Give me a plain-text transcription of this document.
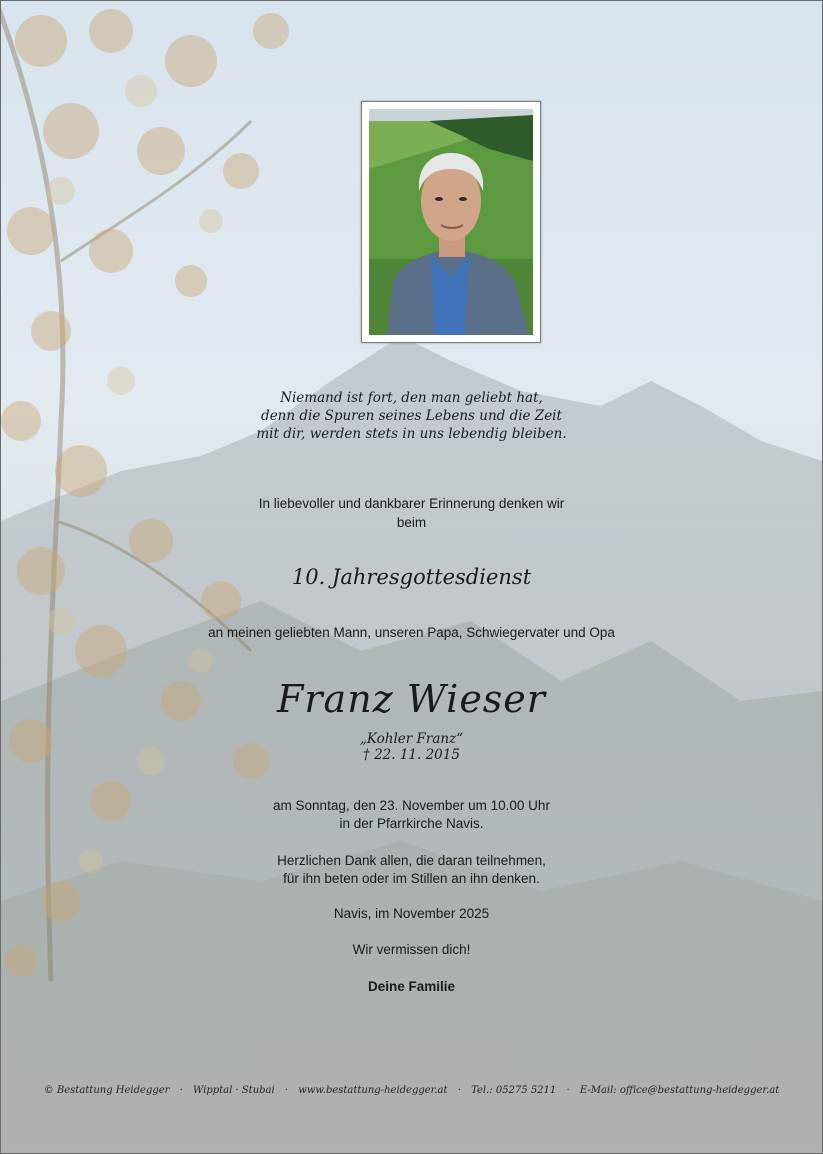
Niemand ist fort, den man geliebt hat,
denn die Spuren seines Lebens und die Zeit
mit dir, werden stets in uns lebendig bleiben.
In liebevoller und dankbarer Erinnerung denken wir
beim
10. Jahresgottesdienst
an meinen geliebten Mann, unseren Papa, Schwiegervater und Opa
Franz Wieser
„Kohler Franz“
† 22. 11. 2015
am Sonntag, den 23. November um 10.00 Uhr
in der Pfarrkirche Navis.
Herzlichen Dank allen, die daran teilnehmen,
für ihn beten oder im Stillen an ihn denken.
Navis, im November 2025
Wir vermissen dich!
Deine Familie
© Bestattung Heidegger · Wipptal · Stubai · www.bestattung-heidegger.at · Tel.: 05275 5211 · E-Mail: office@bestattung-heidegger.at
